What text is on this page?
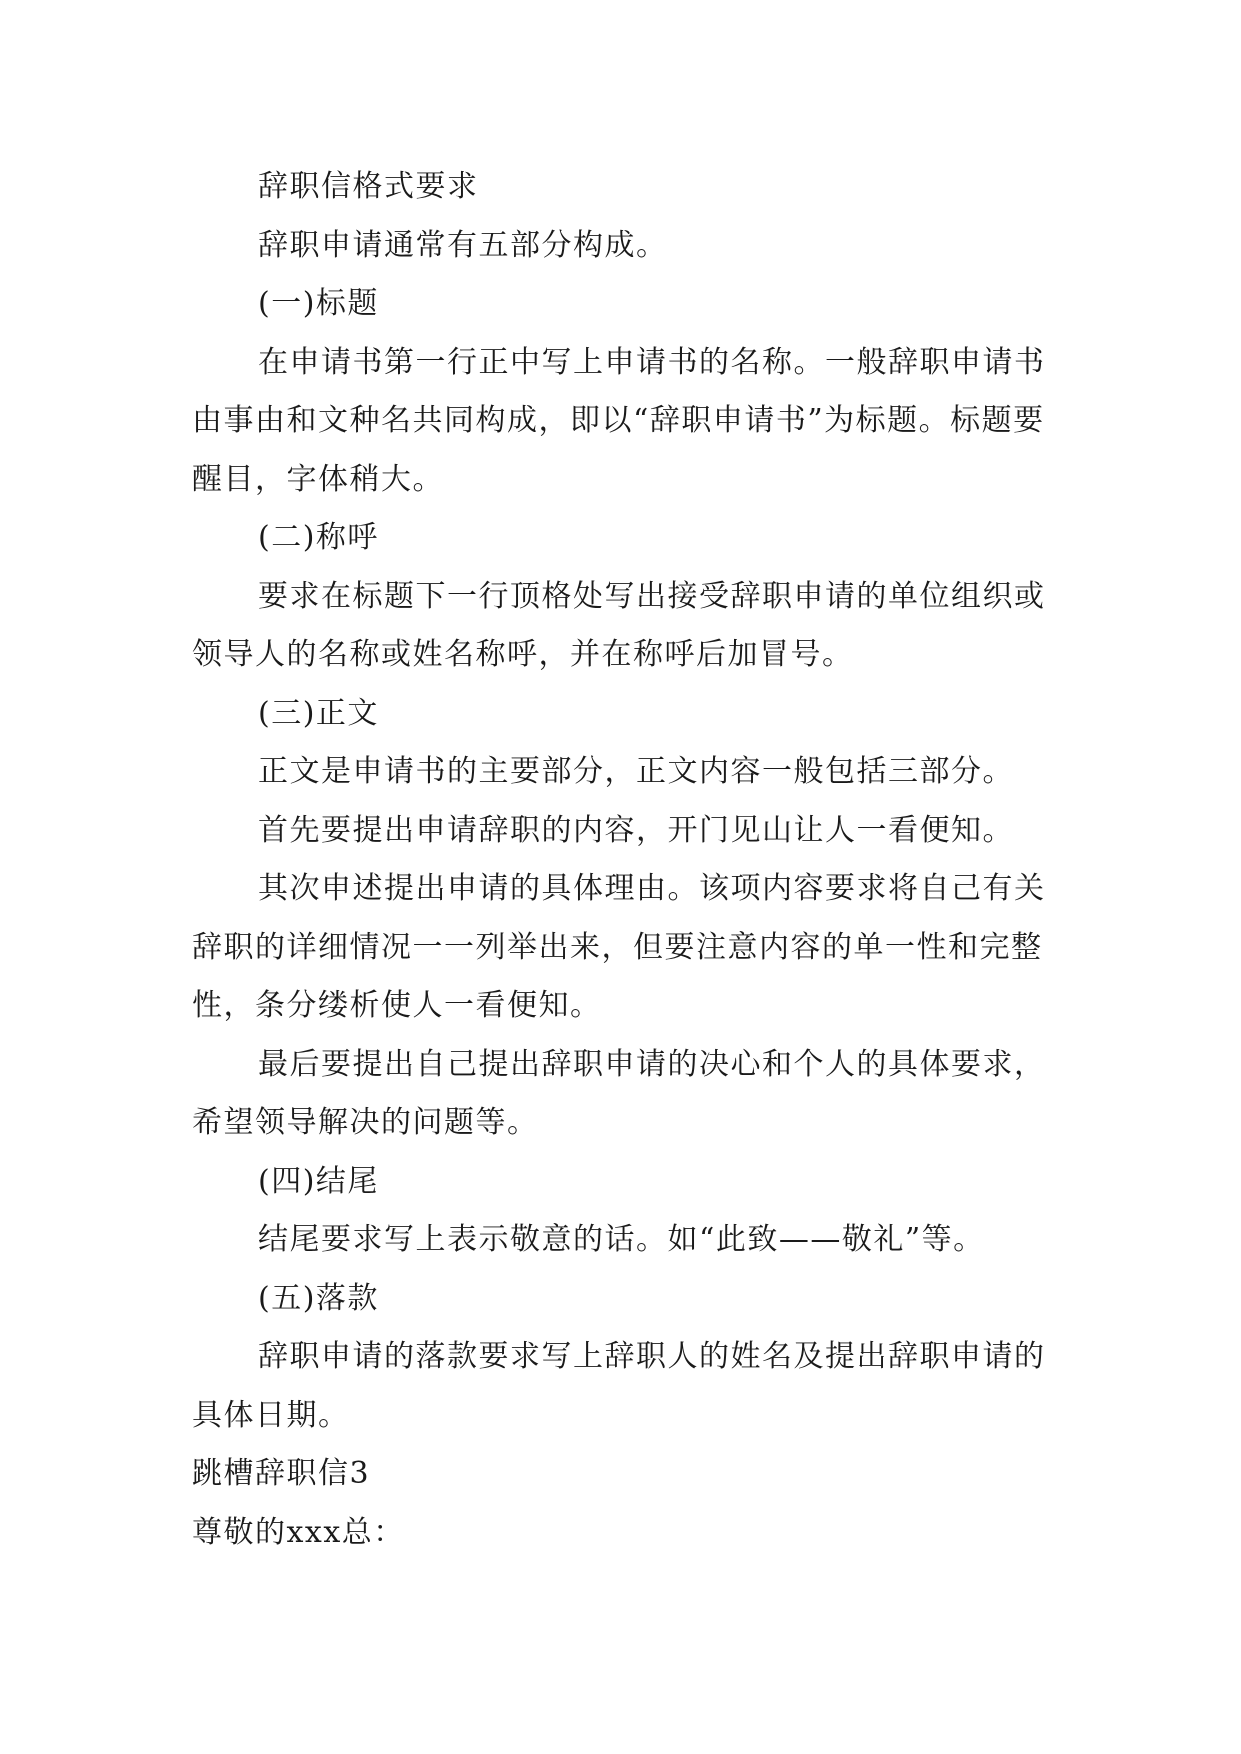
辞职信格式要求

辞职申请通常有五部分构成。

(一)标题

在申请书第一行正中写上申请书的名称。一般辞职申请书由事由和文种名共同构成，即以“辞职申请书”为标题。标题要醒目，字体稍大。

(二)称呼

要求在标题下一行顶格处写出接受辞职申请的单位组织或领导人的名称或姓名称呼，并在称呼后加冒号。

(三)正文

正文是申请书的主要部分，正文内容一般包括三部分。

首先要提出申请辞职的内容，开门见山让人一看便知。

其次申述提出申请的具体理由。该项内容要求将自己有关辞职的详细情况一一列举出来，但要注意内容的单一性和完整性，条分缕析使人一看便知。

最后要提出自己提出辞职申请的决心和个人的具体要求，希望领导解决的问题等。

(四)结尾

结尾要求写上表示敬意的话。如“此致——敬礼”等。

(五)落款

辞职申请的落款要求写上辞职人的姓名及提出辞职申请的具体日期。

跳槽辞职信3

尊敬的xxx总：
